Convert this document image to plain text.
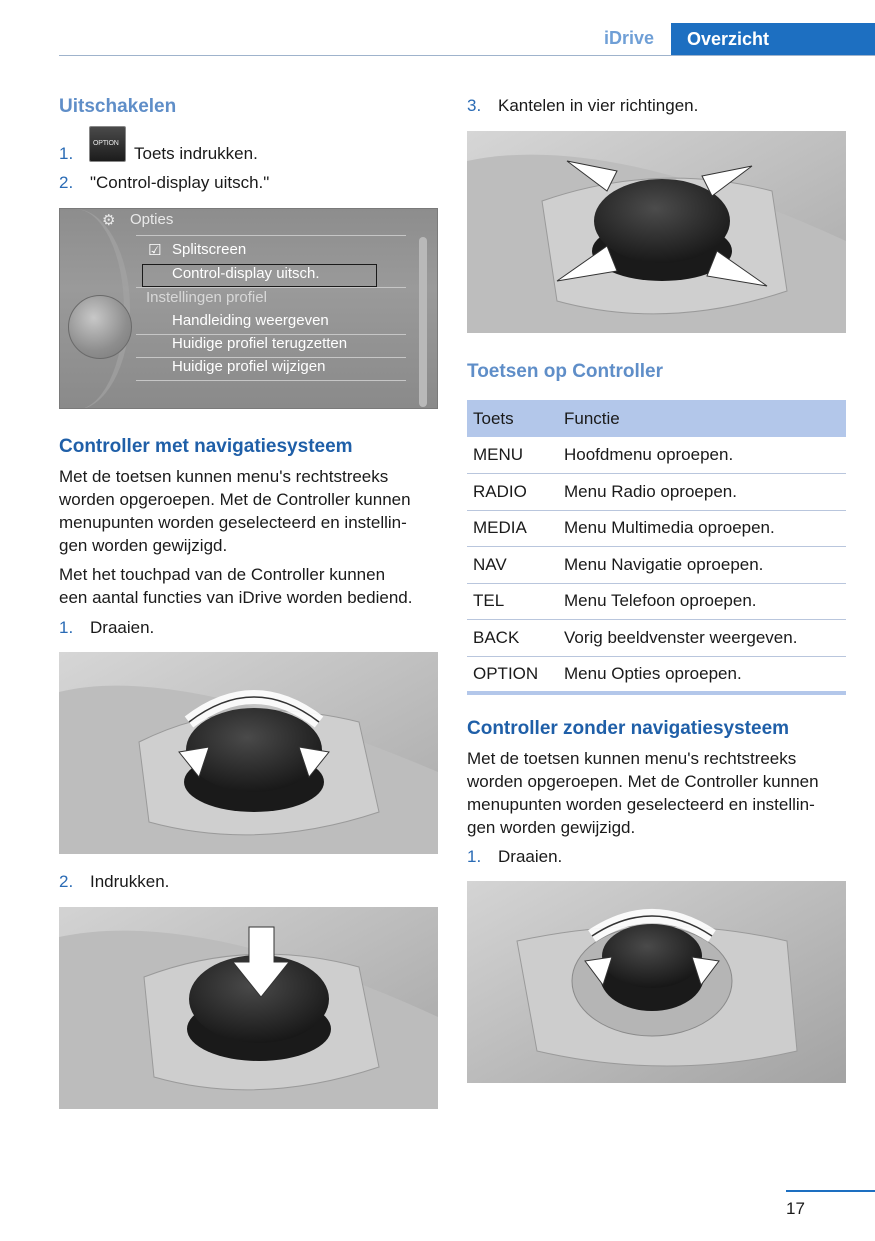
iDrive Overzicht
Uitschakelen
1.
OPTION
Toets indrukken.
2. "Control-display uitsch."
⚙ Opties
☑ Splitscreen
Control-display uitsch.
Instellingen profiel
Handleiding weergeven
Huidige profiel terugzetten
Huidige profiel wijzigen
Controller met navigatiesysteem
Met de toetsen kunnen menu's rechtstreeks
worden opgeroepen. Met de Controller kunnen
menupunten worden geselecteerd en instellin-
gen worden gewijzigd.
Met het touchpad van de Controller kunnen
een aantal functies van iDrive worden bediend.
1. Draaien.
2. Indrukken.
3. Kantelen in vier richtingen.
Toetsen op Controller
Toets	Functie
MENU	Hoofdmenu oproepen.
RADIO	Menu Radio oproepen.
MEDIA	Menu Multimedia oproepen.
NAV	Menu Navigatie oproepen.
TEL	Menu Telefoon oproepen.
BACK	Vorig beeldvenster weergeven.
OPTION	Menu Opties oproepen.
Controller zonder navigatiesysteem
Met de toetsen kunnen menu's rechtstreeks
worden opgeroepen. Met de Controller kunnen
menupunten worden geselecteerd en instellin-
gen worden gewijzigd.
1. Draaien.
17
